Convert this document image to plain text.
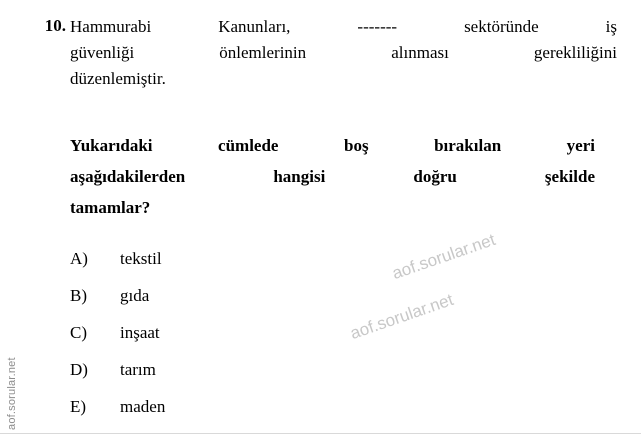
aof.sorular.net
10. Hammurabi Kanunları, ------- sektöründe iş
güvenliği önlemlerinin alınması gerekliliğini
düzenlemiştir.
Yukarıdaki cümlede boş bırakılan yeri
aşağıdakilerden hangisi doğru şekilde
tamamlar?
A)	tekstil
B)	gıda
C)	inşaat
D)	tarım
E)	maden
aof.sorular.net
aof.sorular.net
